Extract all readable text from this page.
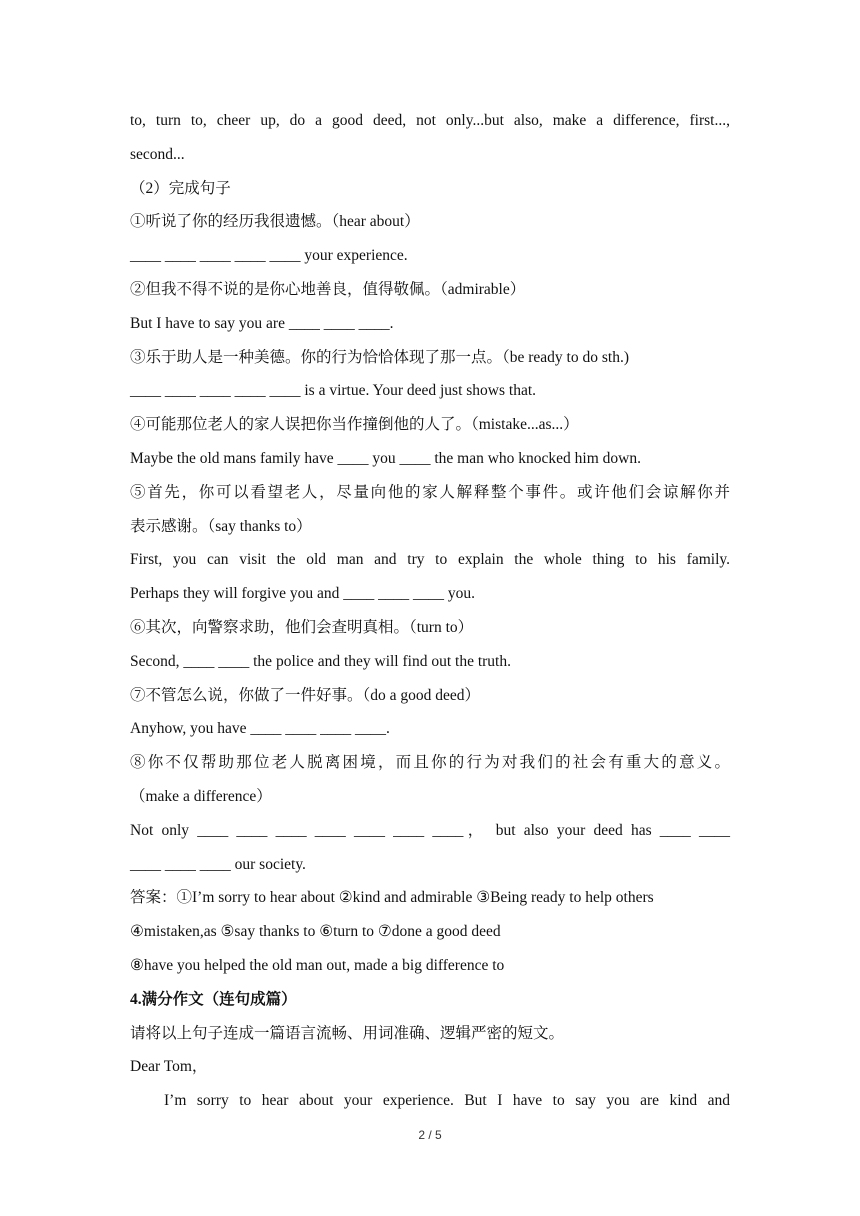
to, turn to, cheer up, do a good deed, not only...but also, make a difference, first...,
second...
（2）完成句子
①听说了你的经历我很遗憾。（hear about）
____ ____ ____ ____ ____ your experience.
②但我不得不说的是你心地善良，值得敬佩。（admirable）
But I have to say you are ____ ____ ____.
③乐于助人是一种美德。你的行为恰恰体现了那一点。（be ready to do sth.)
____ ____ ____ ____ ____ is a virtue. Your deed just shows that.
④可能那位老人的家人误把你当作撞倒他的人了。（mistake...as...）
Maybe the old mans family have ____ you ____ the man who knocked him down.
⑤首先，你可以看望老人，尽量向他的家人解释整个事件。或许他们会谅解你并
表示感谢。（say thanks to）
First, you can visit the old man and try to explain the whole thing to his family.
Perhaps they will forgive you and ____ ____ ____ you.
⑥其次，向警察求助，他们会查明真相。（turn to）
Second, ____ ____ the police and they will find out the truth.
⑦不管怎么说，你做了一件好事。（do a good deed）
Anyhow, you have ____ ____ ____ ____.
⑧你不仅帮助那位老人脱离困境，而且你的行为对我们的社会有重大的意义。
（make a difference）
Not only ____ ____ ____ ____ ____ ____ ____， but also your deed has ____ ____
____ ____ ____ our society.
答案：①I’m sorry to hear about ②kind and admirable ③Being ready to help others
④mistaken,as ⑤say thanks to ⑥turn to ⑦done a good deed
⑧have you helped the old man out, made a big difference to
4.满分作文（连句成篇）
请将以上句子连成一篇语言流畅、用词准确、逻辑严密的短文。
Dear Tom，
I’m sorry to hear about your experience. But I have to say you are kind and
2 / 5
